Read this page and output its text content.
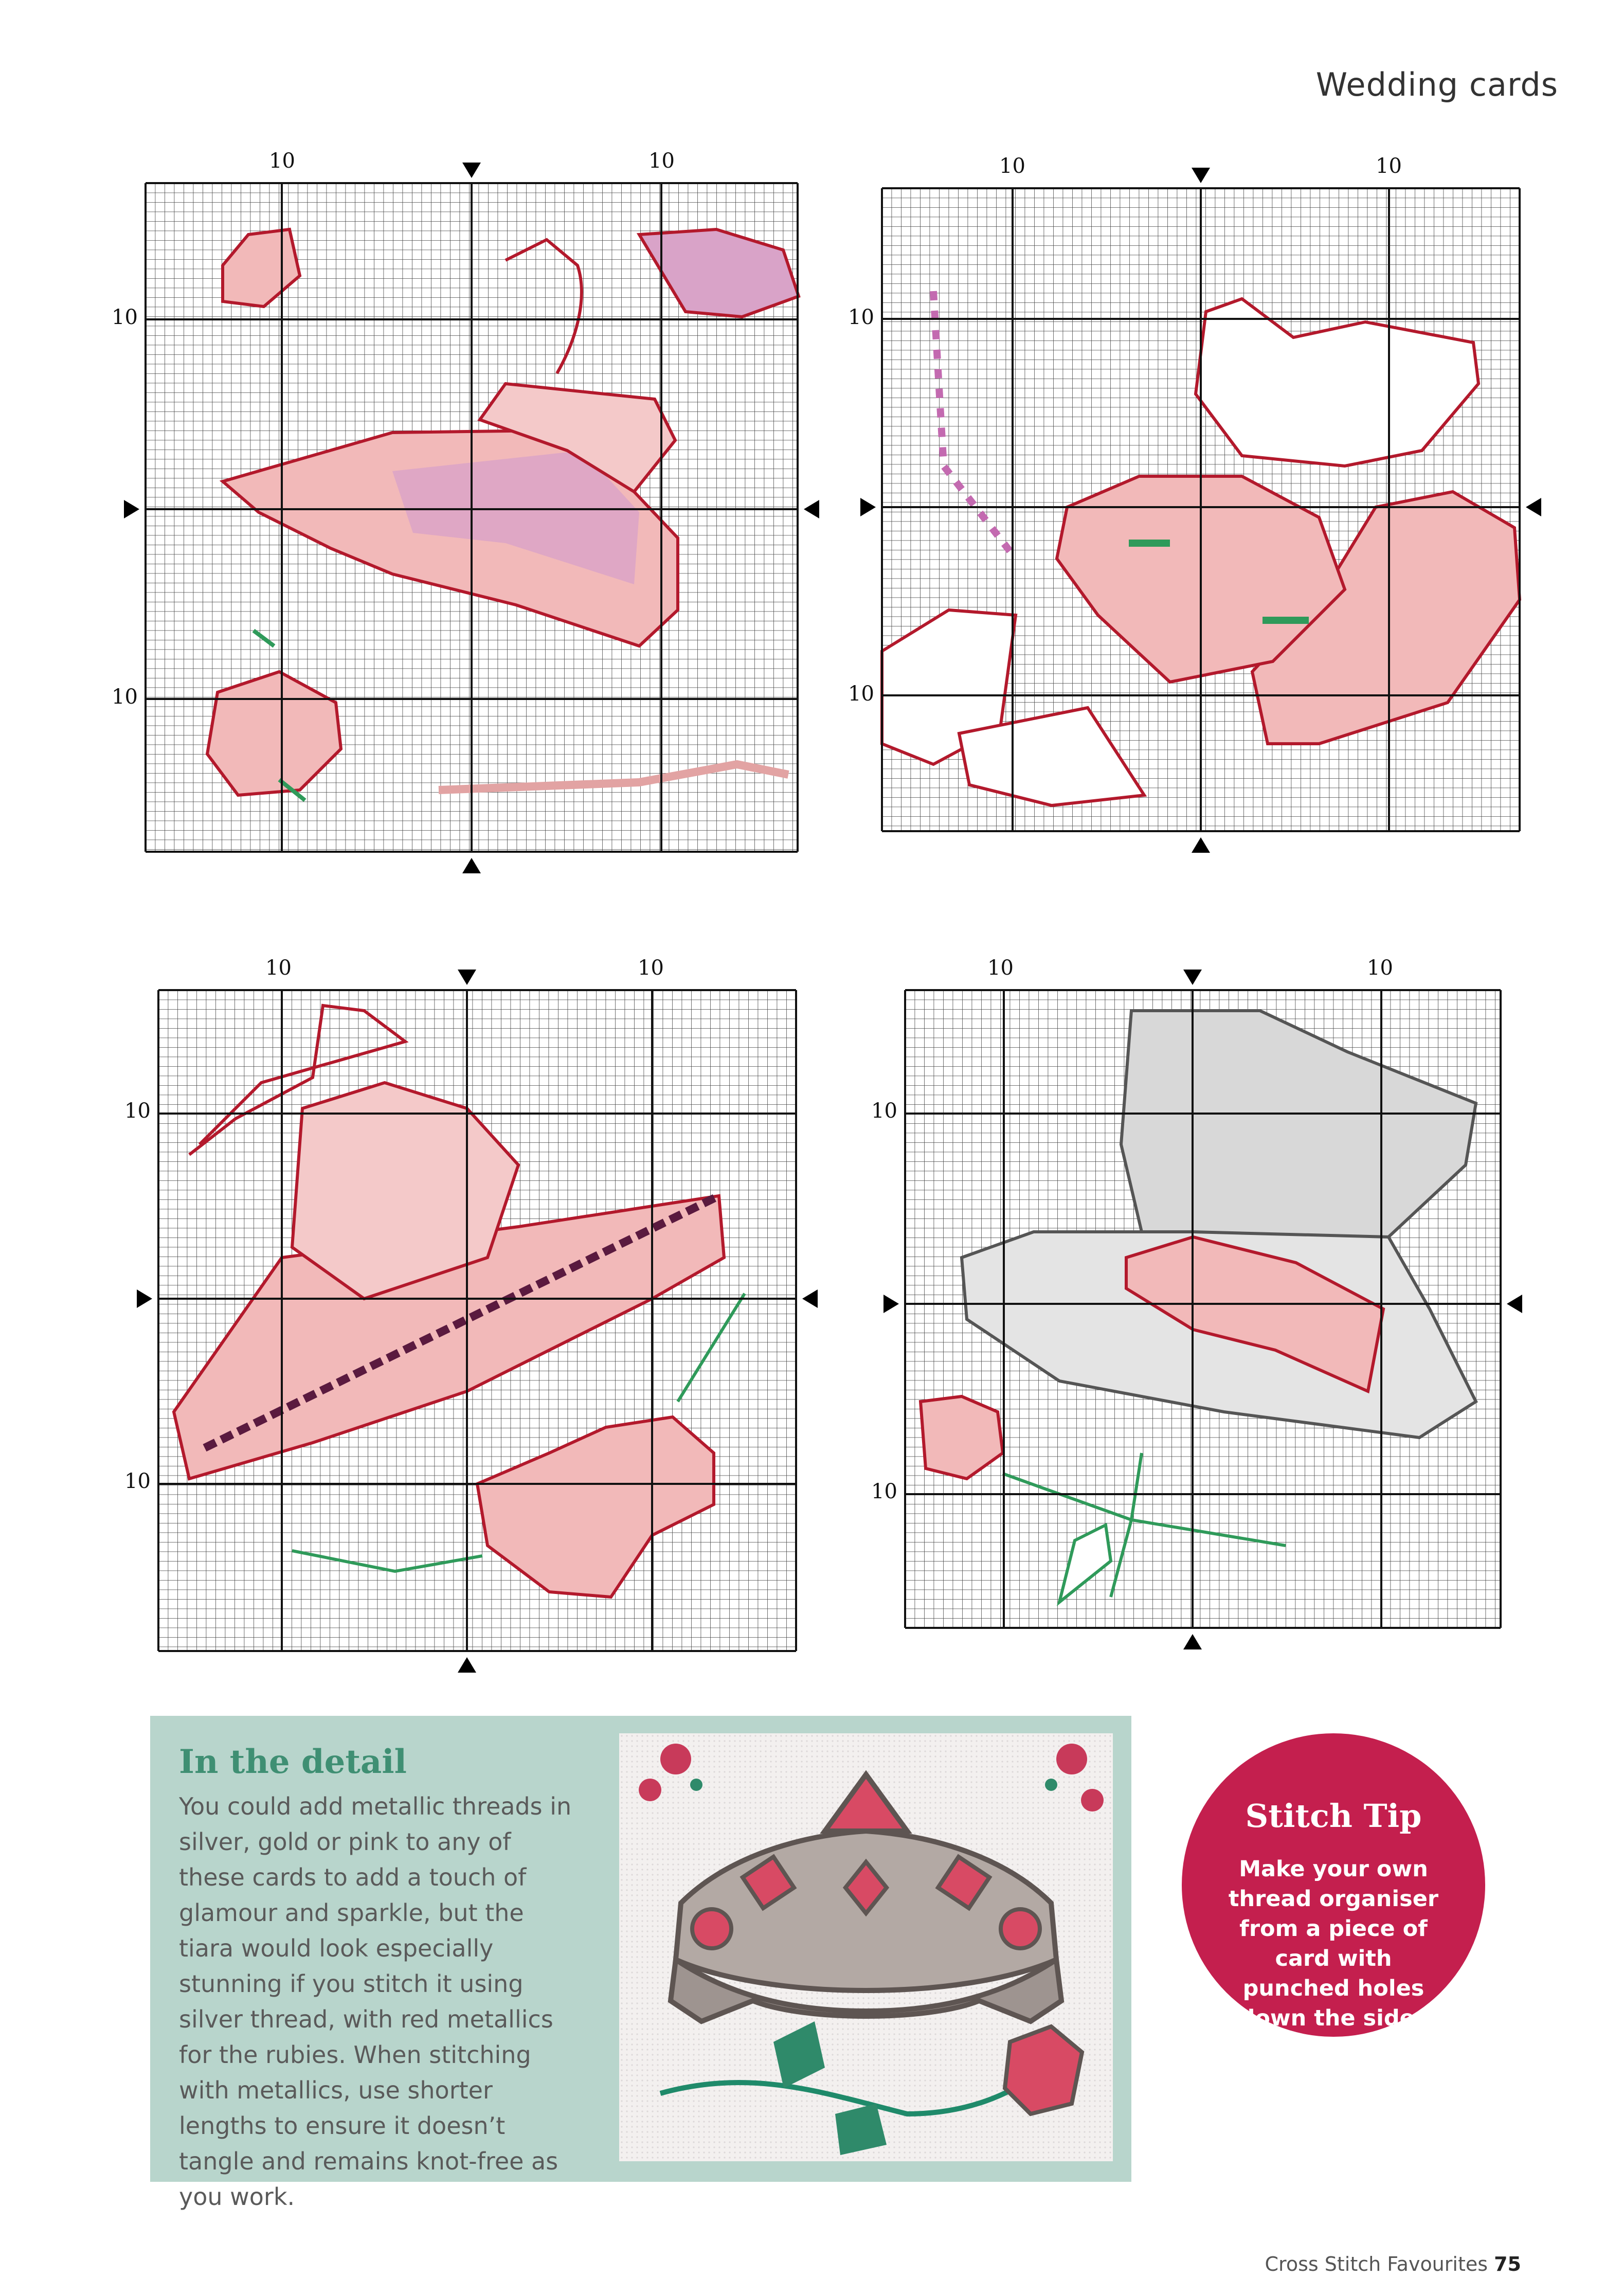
Wedding cards
10	10
10
10
10	10
10
10
10	10
10
10
10	10
10
10
In the detail
You could add metallic threads in silver, gold or pink to any of these cards to add a touch of glamour and sparkle, but the tiara would look especially stunning if you stitch it using silver thread, with red metallics for the rubies. When stitching with metallics, use shorter lengths to ensure it doesn’t tangle and remains knot-free as you work.
Stitch Tip
Make your own thread organiser from a piece of card with punched holes down the sides
Cross Stitch Favourites 75
